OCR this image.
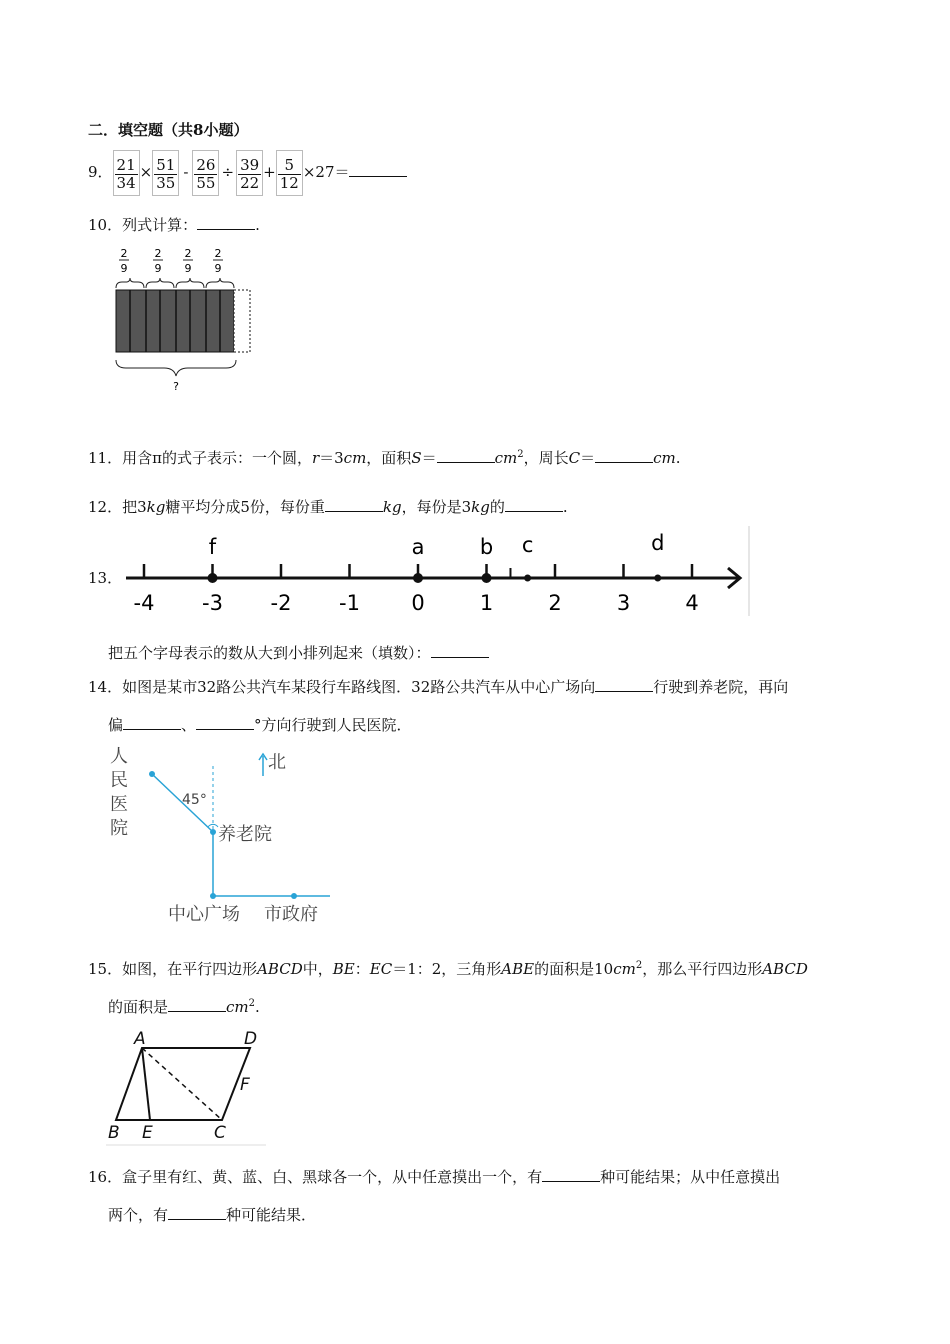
二．填空题（共8小题）
9． $\frac{21}{34} \times \frac{51}{35} - \frac{26}{55} \div \frac{39}{22} + \frac{5}{12} \times 27=$
10．列式计算：	.
2
9
2
9
2
9
2
9
?
11．用含π的式子表示：一个圆，r＝3cm，面积S＝	$cm^2$，周长C＝	cm.
12．把3kg糖平均分成5份，每份重	kg，每份是3kg的	.
13．
-4 -3 -2 -1 0	1	2	3	4
f	a	b c	d
把五个字母表示的数从大到小排列起来（填数）：
14．如图是某市32路公共汽车某段行车路线图．32路公共汽车从中心广场向	行驶到养老院，再向
偏	、	°方向行驶到人民医院．
人
民
医
院
北
45°
养老院
中心广场 市政府
15．如图，在平行四边形ABCD中，BE：EC＝1：2，三角形ABE的面积是$10cm^2$，那么平行四边形ABCD
的面积是	$cm^2$.
A	D
B E	C
F
16．盒子里有红、黄、蓝、白、黑球各一个，从中任意摸出一个，有	种可能结果；从中任意摸出
两个，有	种可能结果．
